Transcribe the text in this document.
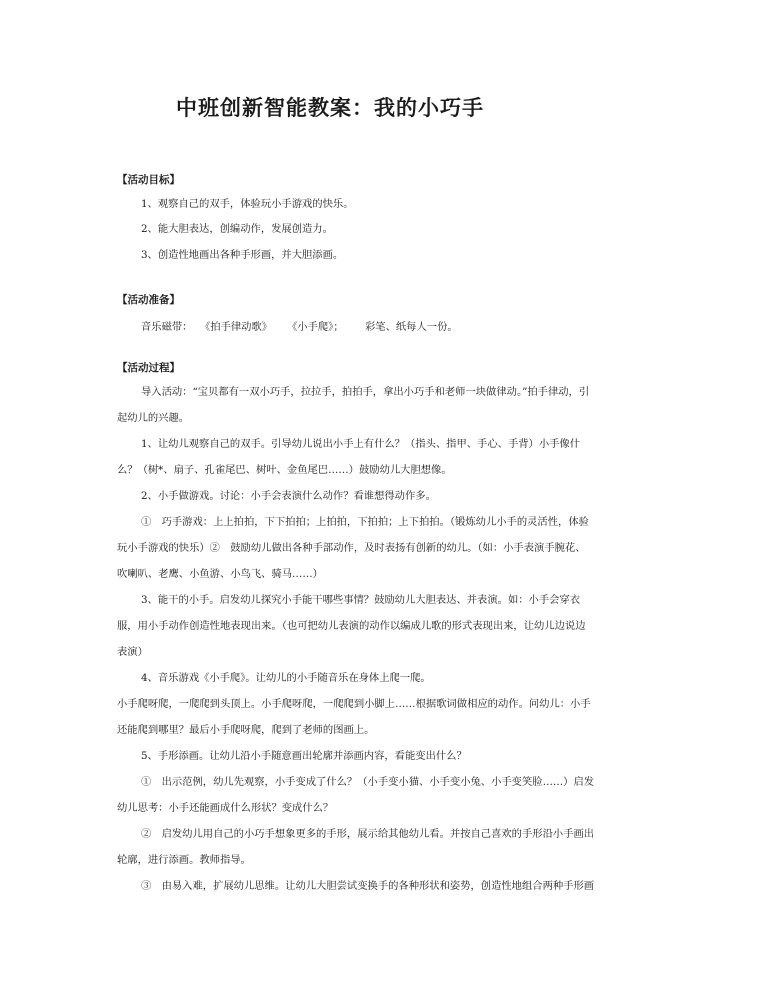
中班创新智能教案：我的小巧手
【活动目标】
1、观察自己的双手，体验玩小手游戏的快乐。
2、能大胆表达，创编动作，发展创造力。
3、创造性地画出各种手形画，并大胆添画。
【活动准备】
音乐磁带： 《拍手律动歌》 《小手爬》； 彩笔、纸每人一份。
【活动过程】
导入活动：“宝贝都有一双小巧手，拉拉手，拍拍手，拿出小巧手和老师一块做律动。”拍手律动，引
起幼儿的兴趣。
1、让幼儿观察自己的双手。引导幼儿说出小手上有什么？（指头、指甲、手心、手背）小手像什
么？（树*、扇子、孔雀尾巴、树叶、金鱼尾巴……）鼓励幼儿大胆想像。
2、小手做游戏。讨论：小手会表演什么动作？看谁想得动作多。
①　巧手游戏：上上拍拍，下下拍拍；上拍拍，下拍拍；上下拍拍。（锻炼幼儿小手的灵活性，体验
玩小手游戏的快乐）②　鼓励幼儿做出各种手部动作，及时表扬有创新的幼儿。（如：小手表演手腕花、
吹喇叭、老鹰、小鱼游、小鸟飞、骑马……）
3、能干的小手。启发幼儿探究小手能干哪些事情？鼓励幼儿大胆表达、并表演。如：小手会穿衣
服，用小手动作创造性地表现出来。（也可把幼儿表演的动作以编成儿歌的形式表现出来，让幼儿边说边
表演）
4、音乐游戏《小手爬》。让幼儿的小手随音乐在身体上爬一爬。
小手爬呀爬，一爬爬到头顶上。小手爬呀爬，一爬爬到小脚上……根据歌词做相应的动作。问幼儿：小手
还能爬到哪里？最后小手爬呀爬，爬到了老师的图画上。
5、手形添画。让幼儿沿小手随意画出轮廓并添画内容，看能变出什么？
①　出示范例，幼儿先观察，小手变成了什么？（小手变小猫、小手变小兔、小手变笑脸……）启发
幼儿思考：小手还能画成什么形状？变成什么？
②　启发幼儿用自己的小巧手想象更多的手形，展示给其他幼儿看。并按自己喜欢的手形沿小手画出
轮廓，进行添画。教师指导。
③　由易入难，扩展幼儿思维。让幼儿大胆尝试变换手的各种形状和姿势，创造性地组合两种手形画
